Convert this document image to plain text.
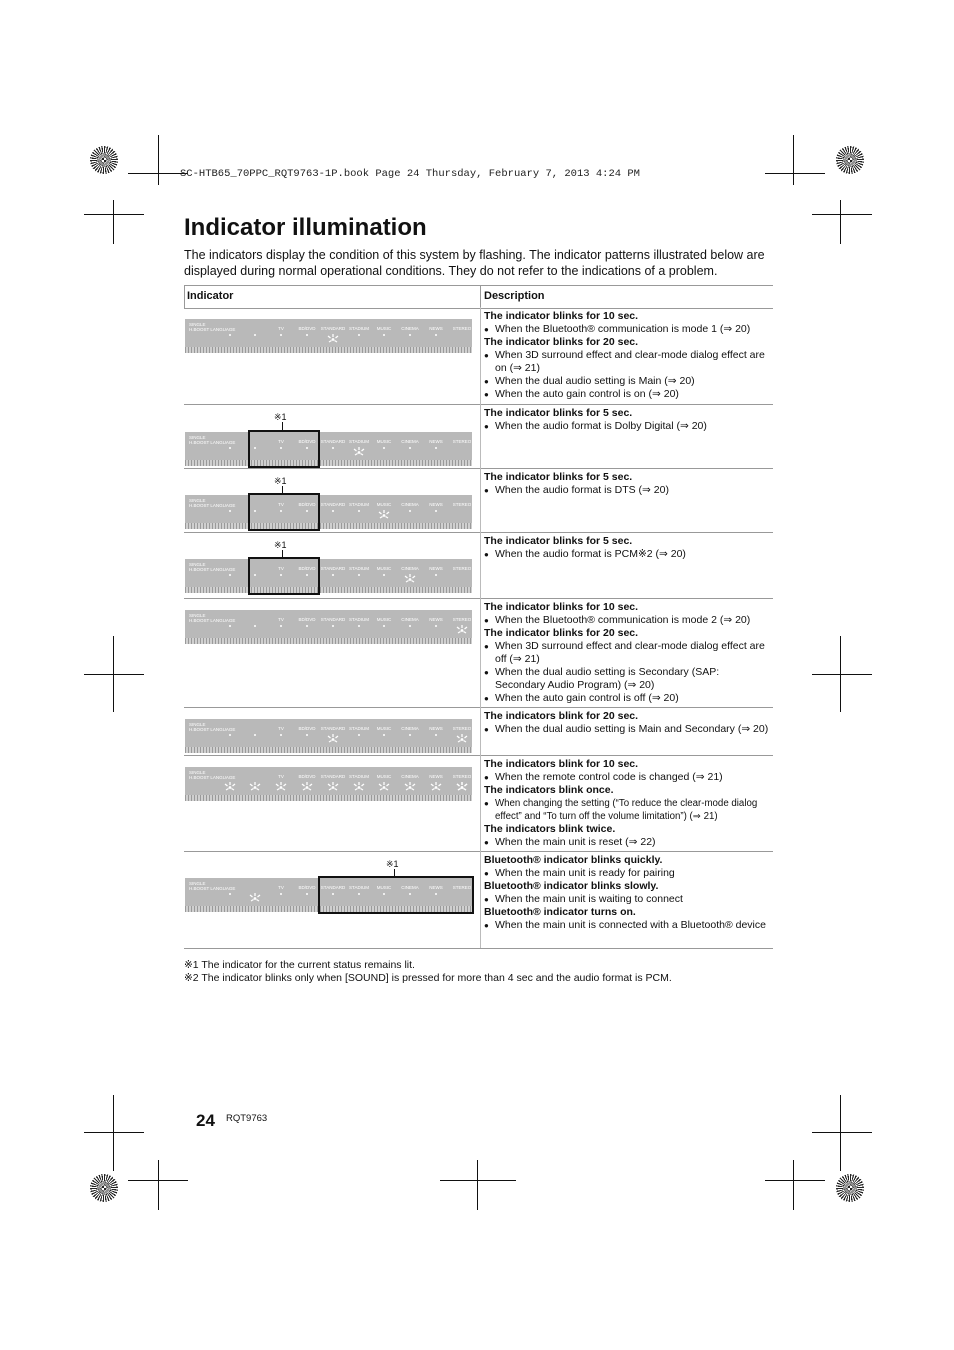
SC-HTB65_70PPC_RQT9763-1P.book Page 24 Thursday, February 7, 2013 4:24 PM
Indicator illumination
The indicators display the condition of this system by flashing. The indicator patterns illustrated below are displayed during normal operational conditions. They do not refer to the indications of a problem.
Indicator	Description
SINGLE
H.BOOST LANGUAGE	TV	BD/DVD STANDARD STADIUM MUSIC CINEMA NEWS STEREO
The indicator blinks for 10 sec.
● When the Bluetooth® communication is mode 1 (⇒ 20)
The indicator blinks for 20 sec.
● When 3D surround effect and clear-mode dialog effect are on (⇒ 21)
● When the dual audio setting is Main (⇒ 20)
● When the auto gain control is on (⇒ 20)
SINGLE
H.BOOST LANGUAGE	TV	BD/DVD STANDARD STADIUM MUSIC CINEMA NEWS STEREO
※1	The indicator blinks for 5 sec.
● When the audio format is Dolby Digital (⇒ 20)
SINGLE
H.BOOST LANGUAGE	TV	BD/DVD STANDARD STADIUM MUSIC CINEMA NEWS STEREO
※1	The indicator blinks for 5 sec.
● When the audio format is DTS (⇒ 20)
SINGLE
H.BOOST LANGUAGE	TV	BD/DVD STANDARD STADIUM MUSIC CINEMA NEWS STEREO
※1	The indicator blinks for 5 sec.
● When the audio format is PCM※2 (⇒ 20)
SINGLE
H.BOOST LANGUAGE	TV	BD/DVD STANDARD STADIUM MUSIC CINEMA NEWS STEREO
The indicator blinks for 10 sec.
● When the Bluetooth® communication is mode 2 (⇒ 20)
The indicator blinks for 20 sec.
● When 3D surround effect and clear-mode dialog effect are off (⇒ 21)
● When the dual audio setting is Secondary (SAP: Secondary Audio Program) (⇒ 20)
● When the auto gain control is off (⇒ 20)
SINGLE
H.BOOST LANGUAGE	TV	BD/DVD STANDARD STADIUM MUSIC CINEMA NEWS STEREO
The indicators blink for 20 sec.
● When the dual audio setting is Main and Secondary (⇒ 20)
SINGLE
H.BOOST LANGUAGE	TV	BD/DVD STANDARD STADIUM MUSIC CINEMA NEWS STEREO
The indicators blink for 10 sec.
● When the remote control code is changed (⇒ 21)
The indicators blink once.
● When changing the setting (“To reduce the clear-mode dialog effect” and “To turn off the volume limitation”) (⇒ 21)
The indicators blink twice.
● When the main unit is reset (⇒ 22)
SINGLE
H.BOOST LANGUAGE	TV	BD/DVD STANDARD STADIUM MUSIC CINEMA NEWS STEREO
※1	Bluetooth® indicator blinks quickly.
● When the main unit is ready for pairing
Bluetooth® indicator blinks slowly.
● When the main unit is waiting to connect
Bluetooth® indicator turns on.
● When the main unit is connected with a Bluetooth® device
※1 The indicator for the current status remains lit.
※2 The indicator blinks only when [SOUND] is pressed for more than 4 sec and the audio format is PCM.
24 RQT9763
